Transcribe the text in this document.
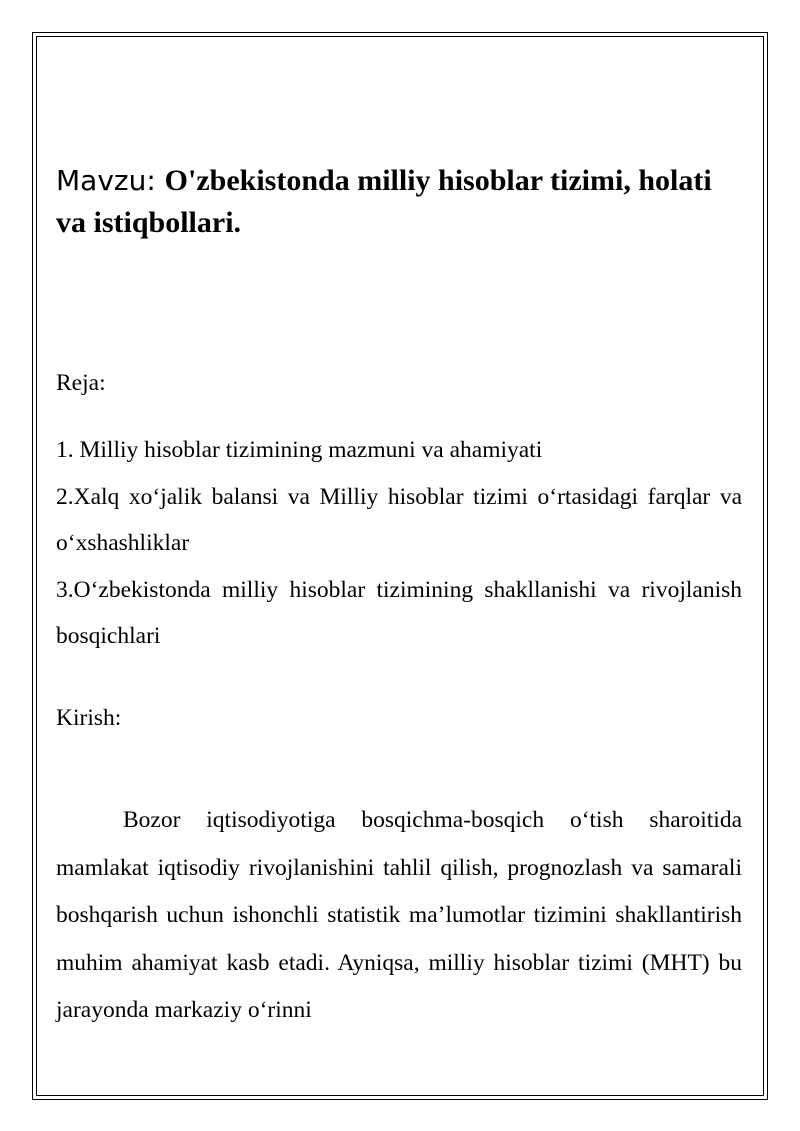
Mavzu: O'zbekistonda milliy hisoblar tizimi, holati va istiqbollari.

Reja:

1. Milliy hisoblar tizimining mazmuni va ahamiyati
2.Xalq xo‘jalik balansi va Milliy hisoblar tizimi o‘rtasidagi farqlar va o‘xshashliklar
3.O‘zbekistonda milliy hisoblar tizimining shakllanishi va rivojlanish bosqichlari

Kirish:

Bozor iqtisodiyotiga bosqichma-bosqich o‘tish sharoitida mamlakat iqtisodiy rivojlanishini tahlil qilish, prognozlash va samarali boshqarish uchun ishonchli statistik ma’lumotlar tizimini shakllantirish muhim ahamiyat kasb etadi. Ayniqsa, milliy hisoblar tizimi (MHT) bu jarayonda markaziy o‘rinni
